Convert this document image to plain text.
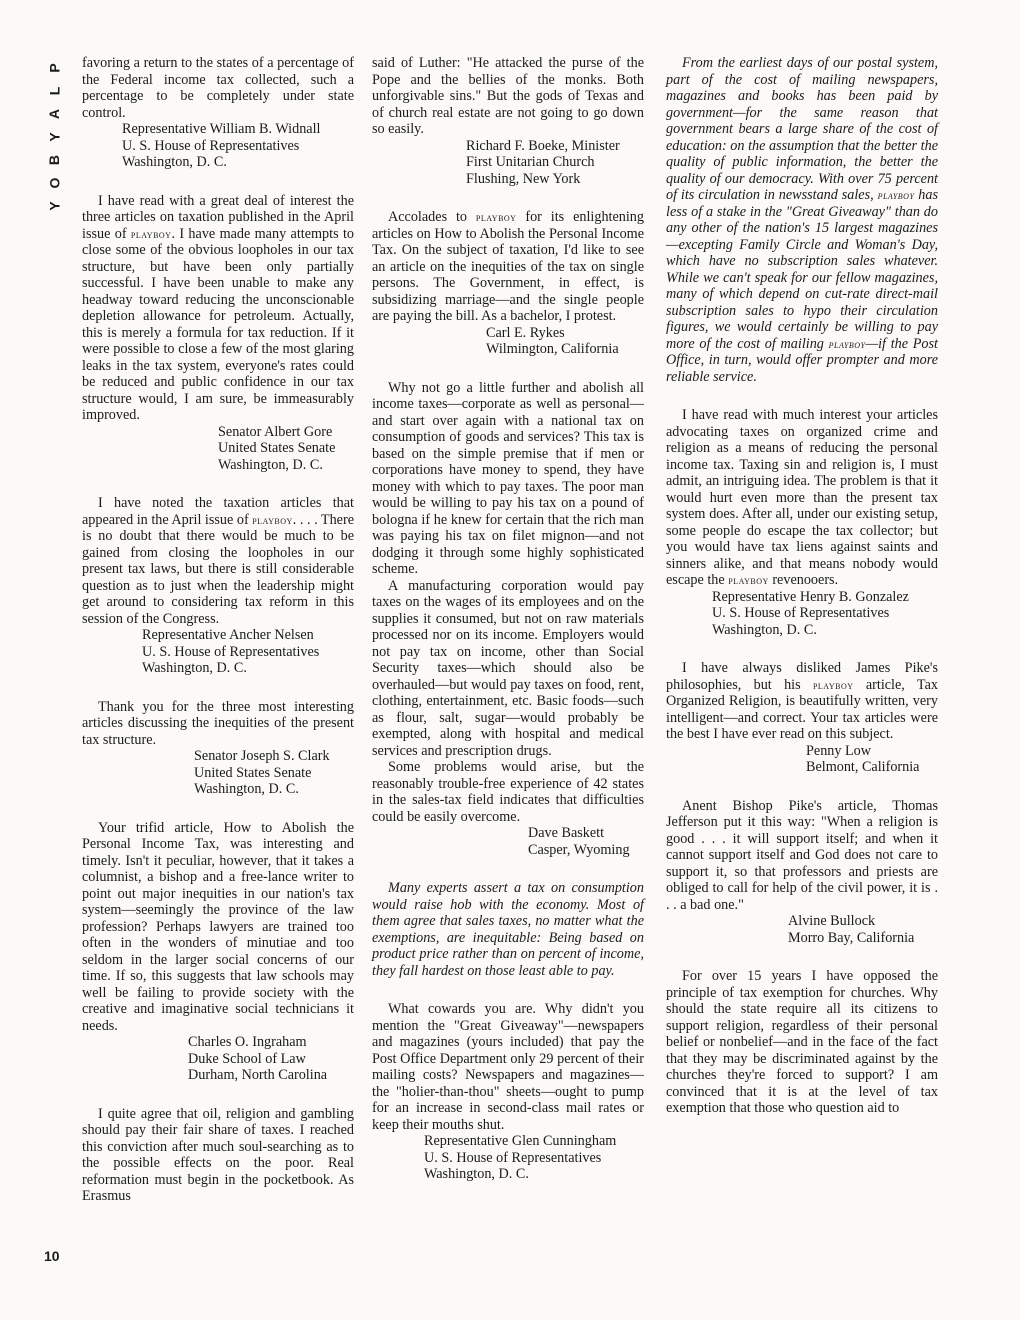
P
L
A
Y
B
O
Y

favoring a return to the states of a percentage of the Federal income tax collected, such a percentage to be completely under state control.

Representative William B. Widnall
U. S. House of Representatives
Washington, D. C.

I have read with a great deal of interest the three articles on taxation published in the April issue of playboy. I have made many attempts to close some of the obvious loopholes in our tax structure, but have been only partially successful. I have been unable to make any headway toward reducing the unconscionable depletion allowance for petroleum. Actually, this is merely a formula for tax reduction. If it were possible to close a few of the most glaring leaks in the tax system, everyone's rates could be reduced and public confidence in our tax structure would, I am sure, be immeasurably improved.

Senator Albert Gore
United States Senate
Washington, D. C.

I have noted the taxation articles that appeared in the April issue of playboy. . . . There is no doubt that there would be much to be gained from closing the loopholes in our present tax laws, but there is still considerable question as to just when the leadership might get around to considering tax reform in this session of the Congress.

Representative Ancher Nelsen
U. S. House of Representatives
Washington, D. C.

Thank you for the three most interesting articles discussing the inequities of the present tax structure.

Senator Joseph S. Clark
United States Senate
Washington, D. C.

Your trifid article, How to Abolish the Personal Income Tax, was interesting and timely. Isn't it peculiar, however, that it takes a columnist, a bishop and a free-lance writer to point out major inequities in our nation's tax system—seemingly the province of the law profession? Perhaps lawyers are trained too often in the wonders of minutiae and too seldom in the larger social concerns of our time. If so, this suggests that law schools may well be failing to provide society with the creative and imaginative social technicians it needs.

Charles O. Ingraham
Duke School of Law
Durham, North Carolina

I quite agree that oil, religion and gambling should pay their fair share of taxes. I reached this conviction after much soul-searching as to the possible effects on the poor. Real reformation must begin in the pocketbook. As Erasmus

said of Luther: "He attacked the purse of the Pope and the bellies of the monks. Both unforgivable sins." But the gods of Texas and of church real estate are not going to go down so easily.

Richard F. Boeke, Minister
First Unitarian Church
Flushing, New York

Accolades to playboy for its enlightening articles on How to Abolish the Personal Income Tax. On the subject of taxation, I'd like to see an article on the inequities of the tax on single persons. The Government, in effect, is subsidizing marriage—and the single people are paying the bill. As a bachelor, I protest.

Carl E. Rykes
Wilmington, California

Why not go a little further and abolish all income taxes—corporate as well as personal—and start over again with a national tax on consumption of goods and services? This tax is based on the simple premise that if men or corporations have money to spend, they have money with which to pay taxes. The poor man would be willing to pay his tax on a pound of bologna if he knew for certain that the rich man was paying his tax on filet mignon—and not dodging it through some highly sophisticated scheme.

A manufacturing corporation would pay taxes on the wages of its employees and on the supplies it consumed, but not on raw materials processed nor on its income. Employers would not pay tax on income, other than Social Security taxes—which should also be overhauled—but would pay taxes on food, rent, clothing, entertainment, etc. Basic foods—such as flour, salt, sugar—would probably be exempted, along with hospital and medical services and prescription drugs.

Some problems would arise, but the reasonably trouble-free experience of 42 states in the sales-tax field indicates that difficulties could be easily overcome.

Dave Baskett
Casper, Wyoming

Many experts assert a tax on consumption would raise hob with the economy. Most of them agree that sales taxes, no matter what the exemptions, are inequitable: Being based on product price rather than on percent of income, they fall hardest on those least able to pay.

What cowards you are. Why didn't you mention the "Great Giveaway"—newspapers and magazines (yours included) that pay the Post Office Department only 29 percent of their mailing costs? Newspapers and magazines—the "holier-than-thou" sheets—ought to pump for an increase in second-class mail rates or keep their mouths shut.

Representative Glen Cunningham
U. S. House of Representatives
Washington, D. C.

From the earliest days of our postal system, part of the cost of mailing newspapers, magazines and books has been paid by government—for the same reason that government bears a large share of the cost of education: on the assumption that the better the quality of public information, the better the quality of our democracy. With over 75 percent of its circulation in newsstand sales, playboy has less of a stake in the "Great Giveaway" than do any other of the nation's 15 largest magazines—excepting Family Circle and Woman's Day, which have no subscription sales whatever. While we can't speak for our fellow magazines, many of which depend on cut-rate direct-mail subscription sales to hypo their circulation figures, we would certainly be willing to pay more of the cost of mailing playboy—if the Post Office, in turn, would offer prompter and more reliable service.

I have read with much interest your articles advocating taxes on organized crime and religion as a means of reducing the personal income tax. Taxing sin and religion is, I must admit, an intriguing idea. The problem is that it would hurt even more than the present tax system does. After all, under our existing setup, some people do escape the tax collector; but you would have tax liens against saints and sinners alike, and that means nobody would escape the playboy revenooers.

Representative Henry B. Gonzalez
U. S. House of Representatives
Washington, D. C.

I have always disliked James Pike's philosophies, but his playboy article, Tax Organized Religion, is beautifully written, very intelligent—and correct. Your tax articles were the best I have ever read on this subject.

Penny Low
Belmont, California

Anent Bishop Pike's article, Thomas Jefferson put it this way: "When a religion is good . . . it will support itself; and when it cannot support itself and God does not care to support it, so that professors and priests are obliged to call for help of the civil power, it is . . . a bad one."

Alvine Bullock
Morro Bay, California

For over 15 years I have opposed the principle of tax exemption for churches. Why should the state require all its citizens to support religion, regardless of their personal belief or nonbelief—and in the face of the fact that they may be discriminated against by the churches they're forced to support? I am convinced that it is at the level of tax exemption that those who question aid to

10
